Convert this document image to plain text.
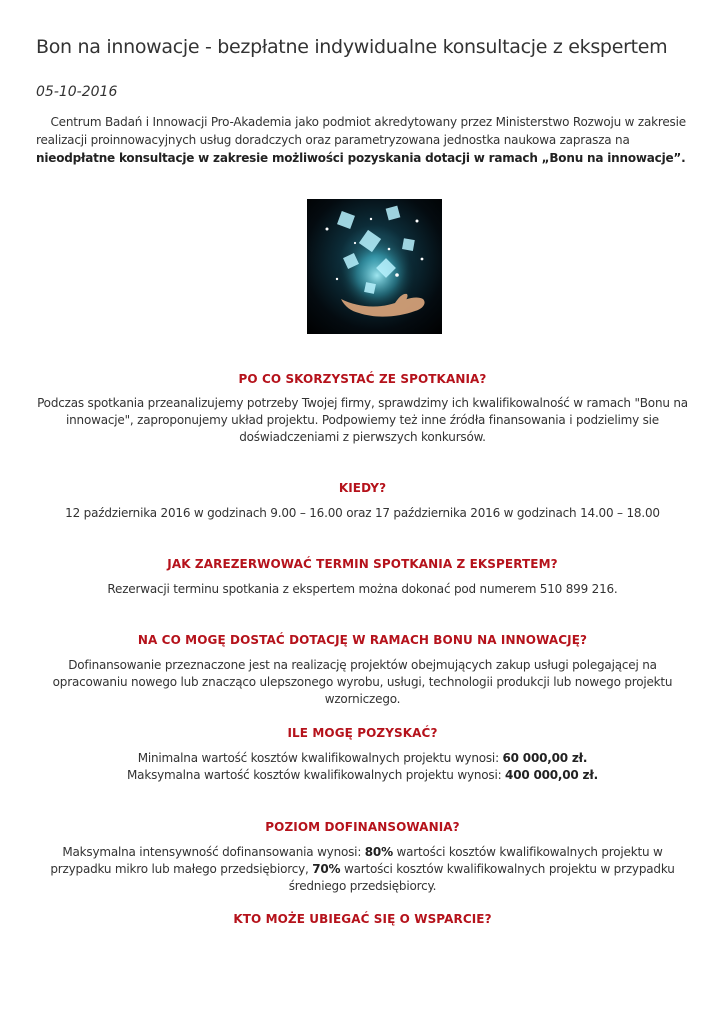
Bon na innowacje - bezpłatne indywidualne konsultacje z ekspertem

05-10-2016

Centrum Badań i Innowacji Pro-Akademia jako podmiot akredytowany przez Ministerstwo Rozwoju w zakresie realizacji proinnowacyjnych usług doradczych oraz parametryzowana jednostka naukowa zaprasza na nieodpłatne konsultacje w zakresie możliwości pozyskania dotacji w ramach „Bonu na innowacje”.

PO CO SKORZYSTAĆ ZE SPOTKANIA?

Podczas spotkania przeanalizujemy potrzeby Twojej firmy, sprawdzimy ich kwalifikowalność w ramach "Bonu na innowacje", zaproponujemy układ projektu. Podpowiemy też inne źródła finansowania i podzielimy sie doświadczeniami z pierwszych konkursów.

KIEDY?

12 października 2016 w godzinach 9.00 – 16.00 oraz 17 października 2016 w godzinach 14.00 – 18.00

JAK ZAREZERWOWAĆ TERMIN SPOTKANIA Z EKSPERTEM?

Rezerwacji terminu spotkania z ekspertem można dokonać pod numerem 510 899 216.

NA CO MOGĘ DOSTAĆ DOTACJĘ W RAMACH BONU NA INNOWACJĘ?

Dofinansowanie przeznaczone jest na realizację projektów obejmujących zakup usługi polegającej na opracowaniu nowego lub znacząco ulepszonego wyrobu, usługi, technologii produkcji lub nowego projektu wzorniczego.

ILE MOGĘ POZYSKAĆ?

Minimalna wartość kosztów kwalifikowalnych projektu wynosi: 60 000,00 zł.
Maksymalna wartość kosztów kwalifikowalnych projektu wynosi: 400 000,00 zł.

POZIOM DOFINANSOWANIA?

Maksymalna intensywność dofinansowania wynosi: 80% wartości kosztów kwalifikowalnych projektu w przypadku mikro lub małego przedsiębiorcy, 70% wartości kosztów kwalifikowalnych projektu w przypadku średniego przedsiębiorcy.

KTO MOŻE UBIEGAĆ SIĘ O WSPARCIE?
